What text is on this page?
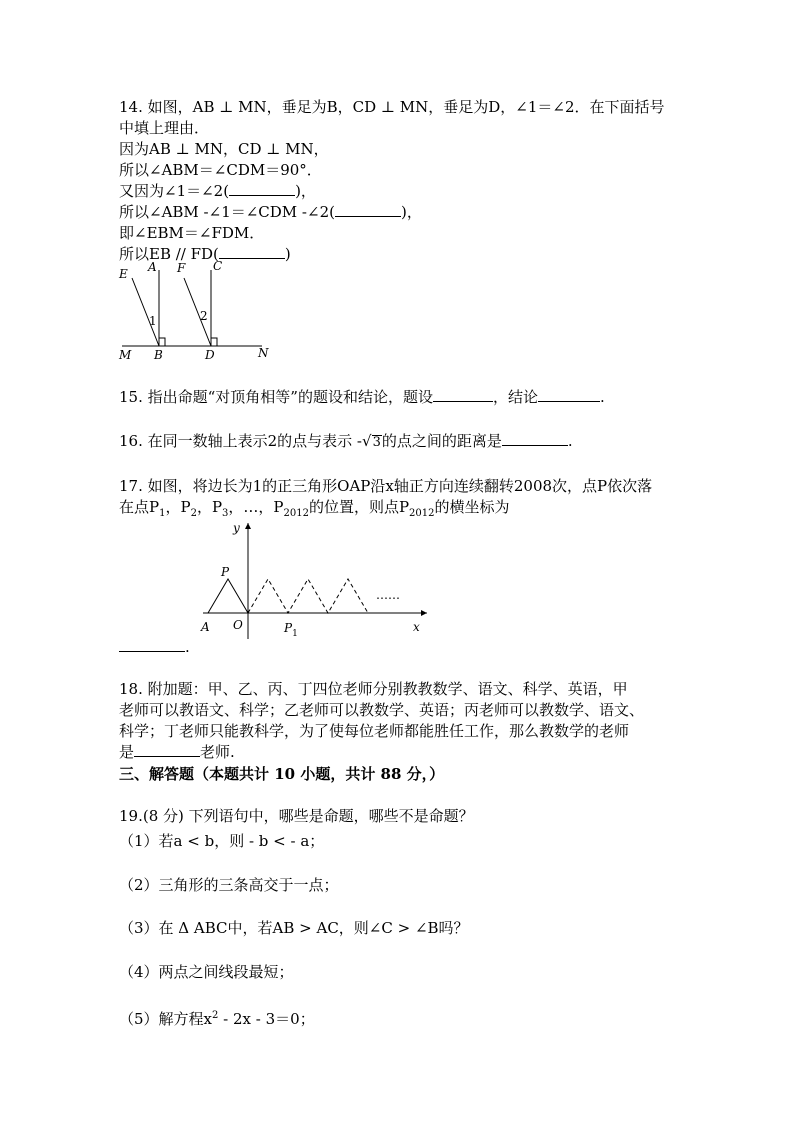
14. 如图，AB ⊥ MN，垂足为B，CD ⊥ MN，垂足为D，∠1＝∠2．在下面括号
中填上理由．
因为AB ⊥ MN，CD ⊥ MN，
所以∠ABM＝∠CDM＝90°．
又因为∠1＝∠2(	)，
所以∠ABM -∠1＝∠CDM -∠2(	)，
即∠EBM＝∠FDM．
所以EB // FD(	)
E A F C
1	2
M B	D	N
15. 指出命题“对顶角相等”的题设和结论，题设	，结论	.
16. 在同一数轴上表示2的点与表示 -√3的点之间的距离是	.
17. 如图，将边长为1的正三角形OAP沿x轴正方向连续翻转2008次，点P依次落
在点$P_1$，$P_2$，$P_3$，…，$P_{2012}$的位置，则点$P_{2012}$的横坐标为
y
x
P
A O	$P_1$
……
.
18. 附加题：甲、乙、丙、丁四位老师分别教教数学、语文、科学、英语，甲
老师可以教语文、科学；乙老师可以教数学、英语；丙老师可以教数学、语文、
科学；丁老师只能教科学，为了使每位老师都能胜任工作，那么教数学的老师
是	老师.
三、解答题（本题共计 10 小题，共计 88 分，）
19.(8 分) 下列语句中，哪些是命题，哪些不是命题？
（1）若a < b，则 - b < - a；
（2）三角形的三条高交于一点；
（3）在 Δ ABC中，若AB > AC，则∠C > ∠B吗？
（4）两点之间线段最短；
（5）解方程$x^2 - 2x - 3=0$；
